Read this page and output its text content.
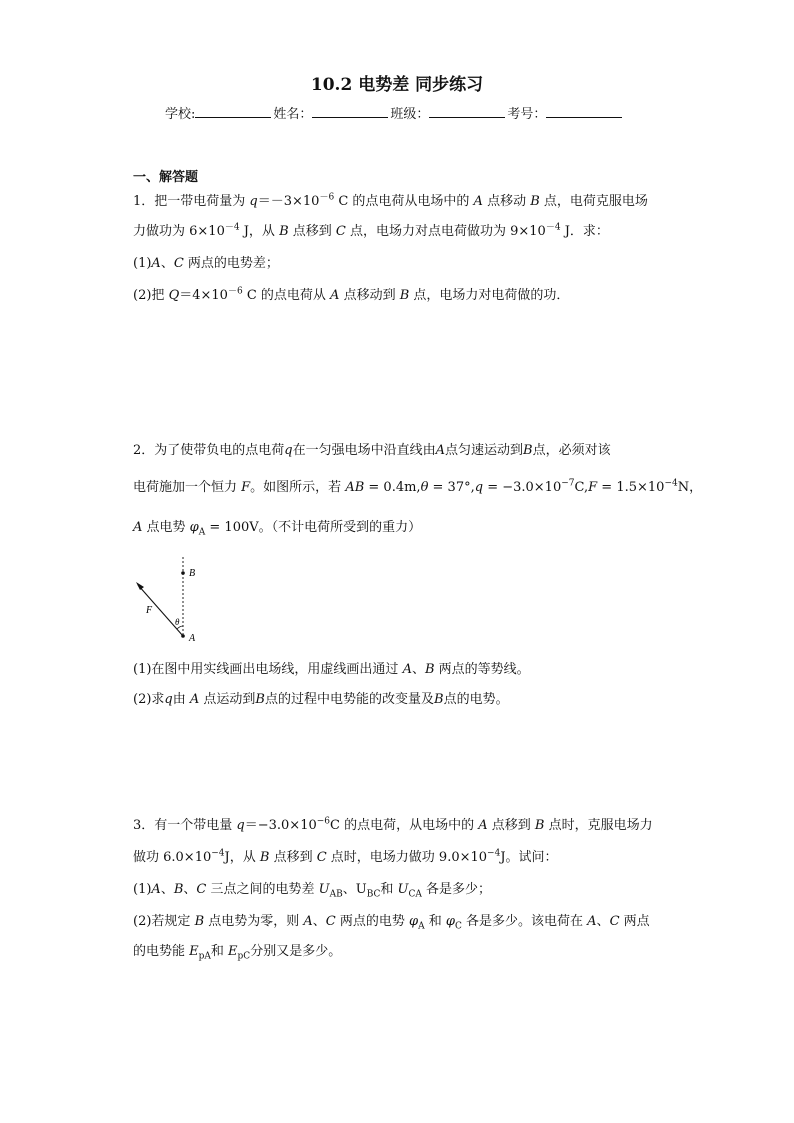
10.2 电势差 同步练习
学校:	姓名：	班级：	考号：
一、解答题
1．把一带电荷量为 $q=-3\times 10^{-6}$ C 的点电荷从电场中的 A 点移动 B 点，电荷克服电场
力做功为 $6\times 10^{-4}$ J，从 B 点移到 C 点，电场力对点电荷做功为 $9\times 10^{-4}$ J．求：
(1)A、C 两点的电势差；
(2)把 $Q=4\times 10^{-6}$ C 的点电荷从 A 点移动到 B 点，电场力对电荷做的功．
2．为了使带负电的点电荷q在一匀强电场中沿直线由A点匀速运动到B点，必须对该
电荷施加一个恒力 F。如图所示，若 AB = $0.4m,\theta = 37^\circ,q = -3.0\times 10^{-7}C,F = 1.5\times 10^{-4}N$，
A 点电势 $\varphi_A = 100V$。（不计电荷所受到的重力）
B
A
F
θ
(1)在图中用实线画出电场线，用虚线画出通过 A、B 两点的等势线。
(2)求q由 A 点运动到B点的过程中电势能的改变量及B点的电势。
3．有一个带电量 $q=-3.0\times 10^{-6}C$ 的点电荷，从电场中的 A 点移到 B 点时，克服电场力
做功 $6.0\times 10^{-4}J$，从 B 点移到 C 点时，电场力做功 $9.0\times 10^{-4}J$。试问：
(1)A、B、C 三点之间的电势差 $U_{AB}$、$U_{BC}$和 $U_{CA}$ 各是多少；
(2)若规定 B 点电势为零，则 A、C 两点的电势 $\varphi_A$ 和 $\varphi_C$ 各是多少。该电荷在 A、C 两点
的电势能 $E_{pA}$和 $E_{pC}$分别又是多少。
